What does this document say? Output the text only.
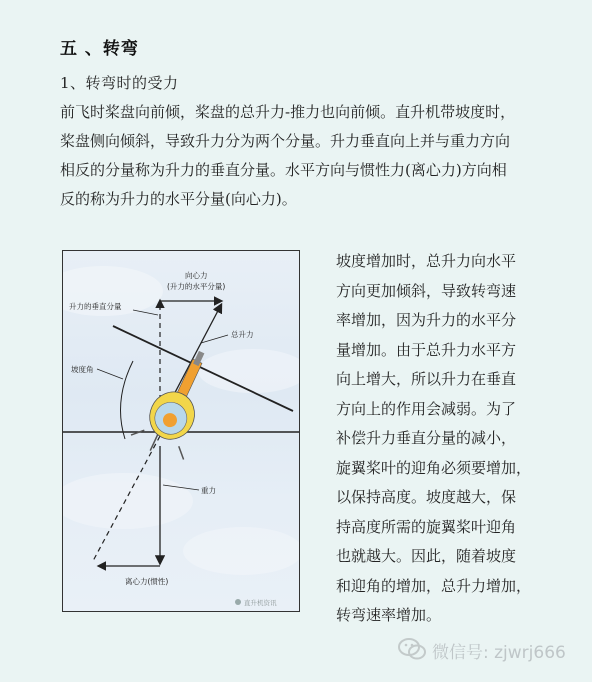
五 、转弯
1、转弯时的受力
前飞时桨盘向前倾，桨盘的总升力-推力也向前倾。直升机带坡度时，
桨盘侧向倾斜，导致升力分为两个分量。升力垂直向上并与重力方向
相反的分量称为升力的垂直分量。水平方向与惯性力(离心力)方向相
反的称为升力的水平分量(向心力)。
向心力
(升力的水平分量)
升力的垂直分量
总升力
坡度角
重力
离心力(惯性)
直升机资讯
坡度增加时，总升力向水平
方向更加倾斜，导致转弯速
率增加，因为升力的水平分
量增加。由于总升力水平方
向上增大，所以升力在垂直
方向上的作用会减弱。为了
补偿升力垂直分量的减小，
旋翼桨叶的迎角必须要增加，
以保持高度。坡度越大，保
持高度所需的旋翼桨叶迎角
也就越大。因此，随着坡度
和迎角的增加，总升力增加，
转弯速率增加。
微信号: zjwrj666
